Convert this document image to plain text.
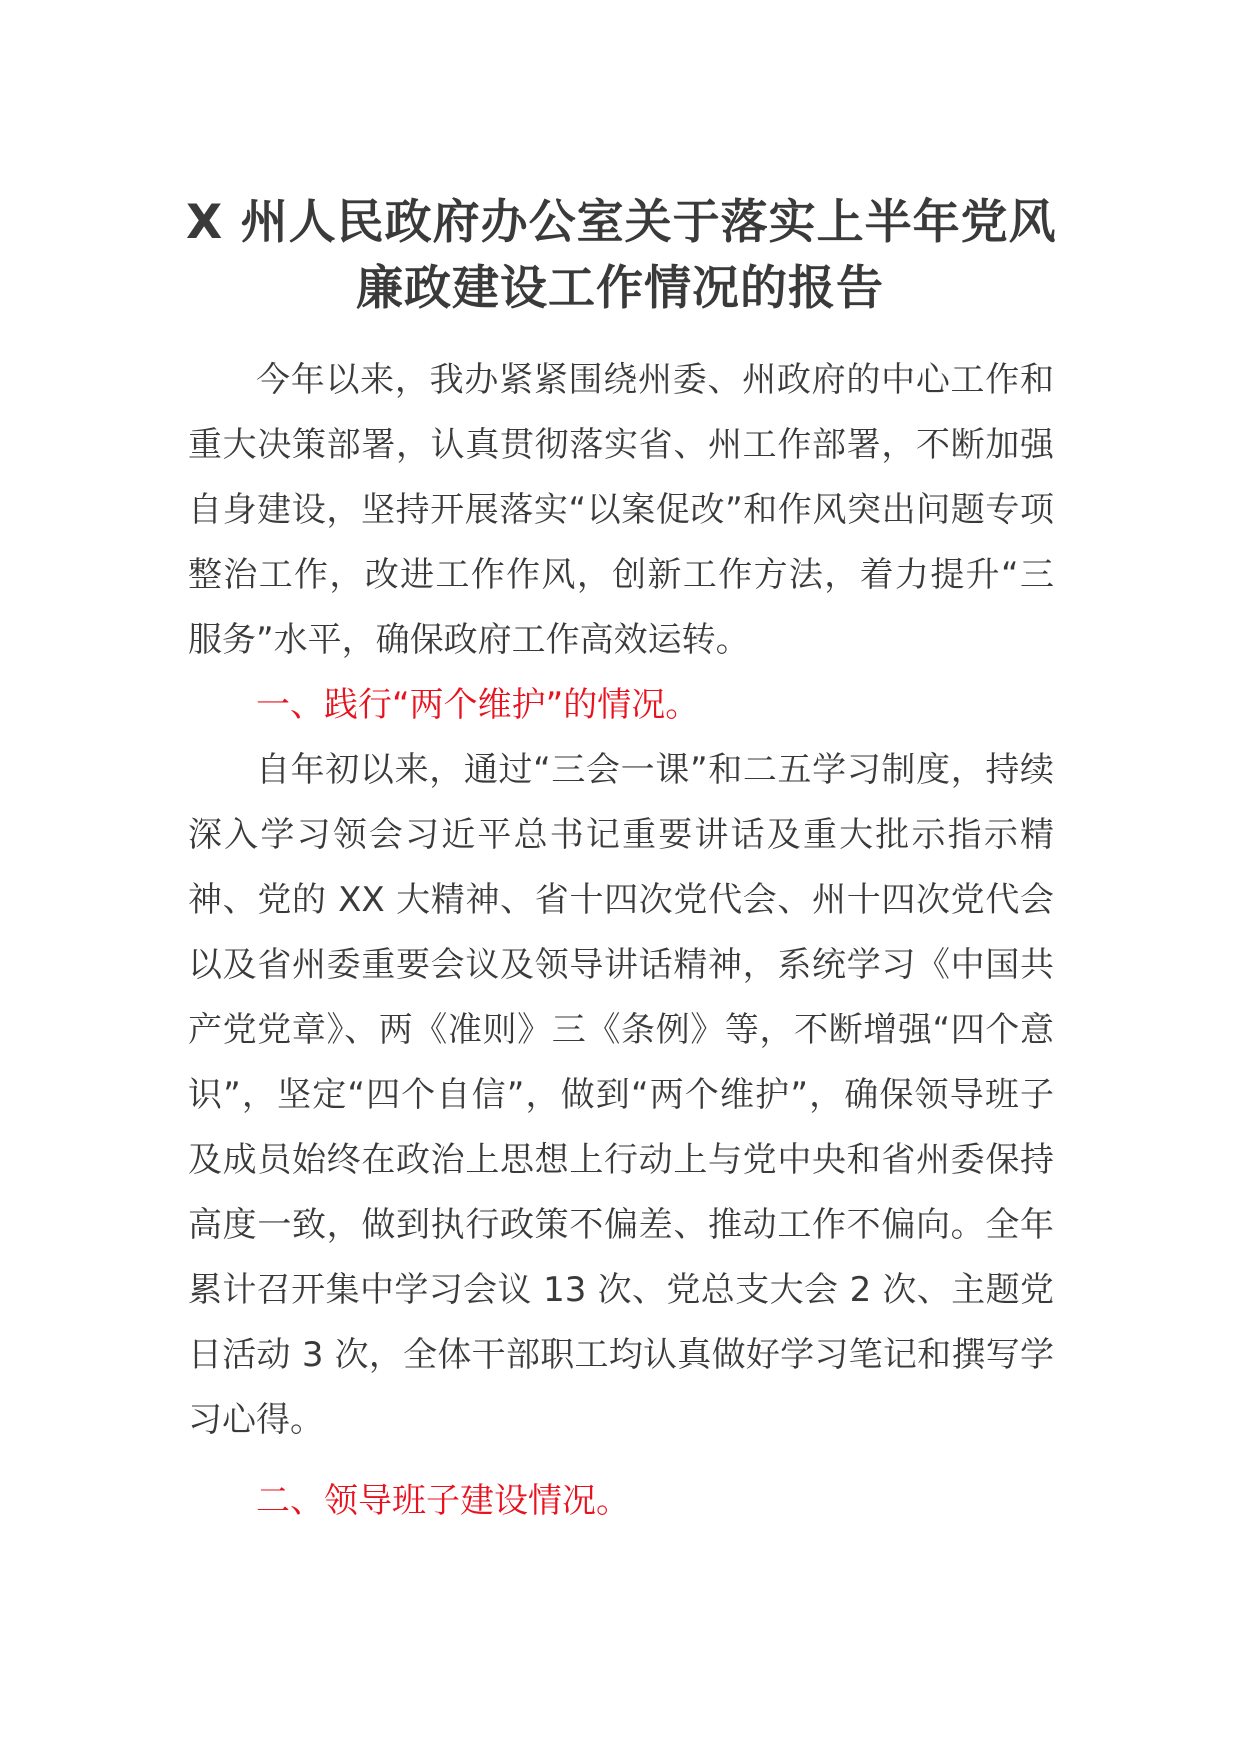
X 州人民政府办公室关于落实上半年党风
廉政建设工作情况的报告

今年以来，我办紧紧围绕州委、州政府的中心工作和重大决策部署，认真贯彻落实省、州工作部署，不断加强自身建设，坚持开展落实“以案促改”和作风突出问题专项整治工作，改进工作作风，创新工作方法，着力提升“三服务”水平，确保政府工作高效运转。

一、践行“两个维护”的情况。

自年初以来，通过“三会一课”和二五学习制度，持续深入学习领会习近平总书记重要讲话及重大批示指示精神、党的 XX 大精神、省十四次党代会、州十四次党代会以及省州委重要会议及领导讲话精神，系统学习《中国共产党党章》、两《准则》三《条例》等，不断增强“四个意识”，坚定“四个自信”，做到“两个维护”，确保领导班子及成员始终在政治上思想上行动上与党中央和省州委保持高度一致，做到执行政策不偏差、推动工作不偏向。全年累计召开集中学习会议 13 次、党总支大会 2 次、主题党日活动 3 次，全体干部职工均认真做好学习笔记和撰写学习心得。

二、领导班子建设情况。
